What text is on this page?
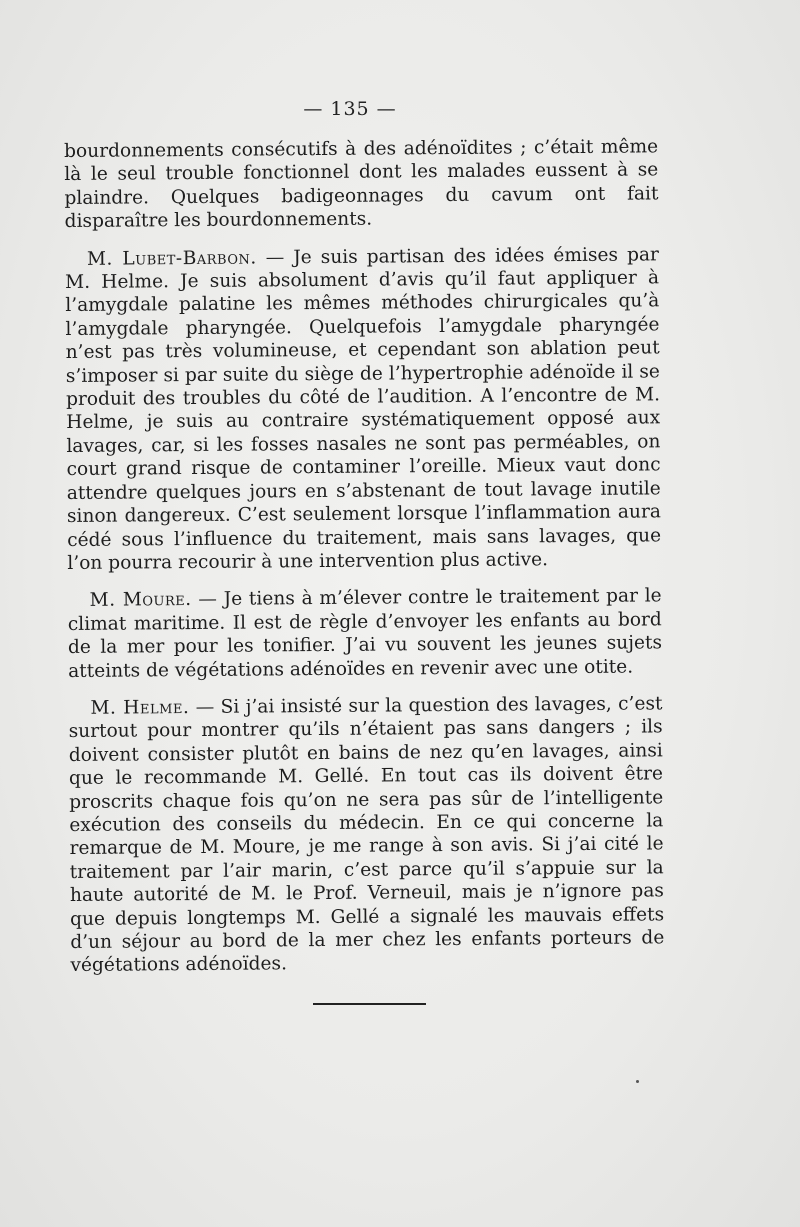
— 135 —

bourdonnements consécutifs à des adénoïdites ; c’était même là le seul trouble fonctionnel dont les malades eussent à se plaindre. Quelques badigeonnages du cavum ont fait disparaître les bourdonnements.

M. Lubet-Barbon. — Je suis partisan des idées émises par M. Helme. Je suis absolument d’avis qu’il faut appliquer à l’amygdale palatine les mêmes méthodes chirurgicales qu’à l’amygdale pharyngée. Quelquefois l’amygdale pharyngée n’est pas très volumineuse, et cependant son ablation peut s’imposer si par suite du siège de l’hypertrophie adénoïde il se produit des troubles du côté de l’audition. A l’encontre de M. Helme, je suis au contraire systématiquement opposé aux lavages, car, si les fosses nasales ne sont pas perméables, on court grand risque de contaminer l’oreille. Mieux vaut donc attendre quelques jours en s’abstenant de tout lavage inutile sinon dangereux. C’est seulement lorsque l’inflammation aura cédé sous l’influence du traitement, mais sans lavages, que l’on pourra recourir à une intervention plus active.

M. Moure. — Je tiens à m’élever contre le traitement par le climat maritime. Il est de règle d’envoyer les enfants au bord de la mer pour les tonifier. J’ai vu souvent les jeunes sujets atteints de végétations adénoïdes en revenir avec une otite.

M. Helme. — Si j’ai insisté sur la question des lavages, c’est surtout pour montrer qu’ils n’étaient pas sans dangers ; ils doivent consister plutôt en bains de nez qu’en lavages, ainsi que le recommande M. Gellé. En tout cas ils doivent être proscrits chaque fois qu’on ne sera pas sûr de l’intelligente exécution des conseils du médecin. En ce qui concerne la remarque de M. Moure, je me range à son avis. Si j’ai cité le traitement par l’air marin, c’est parce qu’il s’appuie sur la haute autorité de M. le Prof. Verneuil, mais je n’ignore pas que depuis longtemps M. Gellé a signalé les mauvais effets d’un séjour au bord de la mer chez les enfants porteurs de végétations adénoïdes.
